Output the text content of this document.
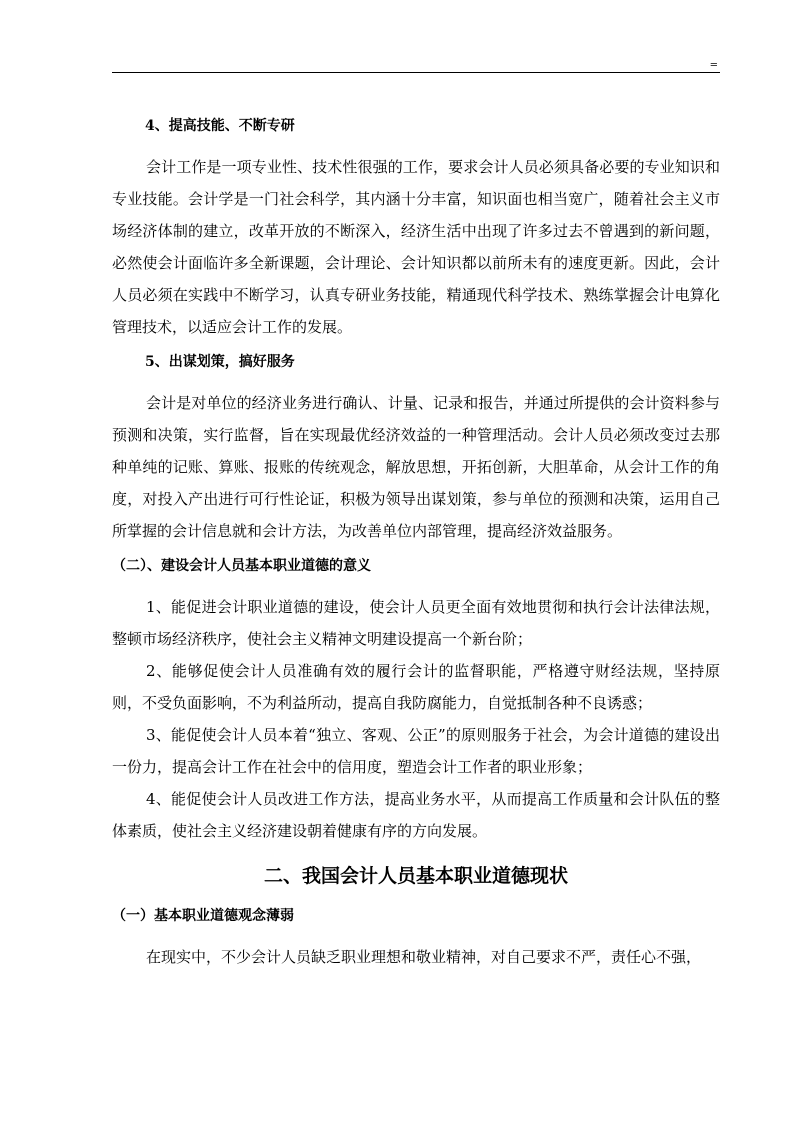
=
4、提高技能、不断专研

会计工作是一项专业性、技术性很强的工作，要求会计人员必须具备必要的专业知识和专业技能。会计学是一门社会科学，其内涵十分丰富，知识面也相当宽广，随着社会主义市场经济体制的建立，改革开放的不断深入，经济生活中出现了许多过去不曾遇到的新问题，必然使会计面临许多全新课题，会计理论、会计知识都以前所未有的速度更新。因此，会计人员必须在实践中不断学习，认真专研业务技能，精通现代科学技术、熟练掌握会计电算化管理技术，以适应会计工作的发展。

5、出谋划策，搞好服务

会计是对单位的经济业务进行确认、计量、记录和报告，并通过所提供的会计资料参与预测和决策，实行监督，旨在实现最优经济效益的一种管理活动。会计人员必须改变过去那种单纯的记账、算账、报账的传统观念，解放思想，开拓创新，大胆革命，从会计工作的角度，对投入产出进行可行性论证，积极为领导出谋划策，参与单位的预测和决策，运用自己所掌握的会计信息就和会计方法，为改善单位内部管理，提高经济效益服务。

（二）、建设会计人员基本职业道德的意义

1、能促进会计职业道德的建设，使会计人员更全面有效地贯彻和执行会计法律法规，整顿市场经济秩序，使社会主义精神文明建设提高一个新台阶；

2、能够促使会计人员准确有效的履行会计的监督职能，严格遵守财经法规，坚持原则，不受负面影响，不为利益所动，提高自我防腐能力，自觉抵制各种不良诱惑；

3、能促使会计人员本着“独立、客观、公正”的原则服务于社会，为会计道德的建设出一份力，提高会计工作在社会中的信用度，塑造会计工作者的职业形象；

4、能促使会计人员改进工作方法，提高业务水平，从而提高工作质量和会计队伍的整体素质，使社会主义经济建设朝着健康有序的方向发展。

二、我国会计人员基本职业道德现状
（一）基本职业道德观念薄弱

在现实中，不少会计人员缺乏职业理想和敬业精神，对自己要求不严，责任心不强，
